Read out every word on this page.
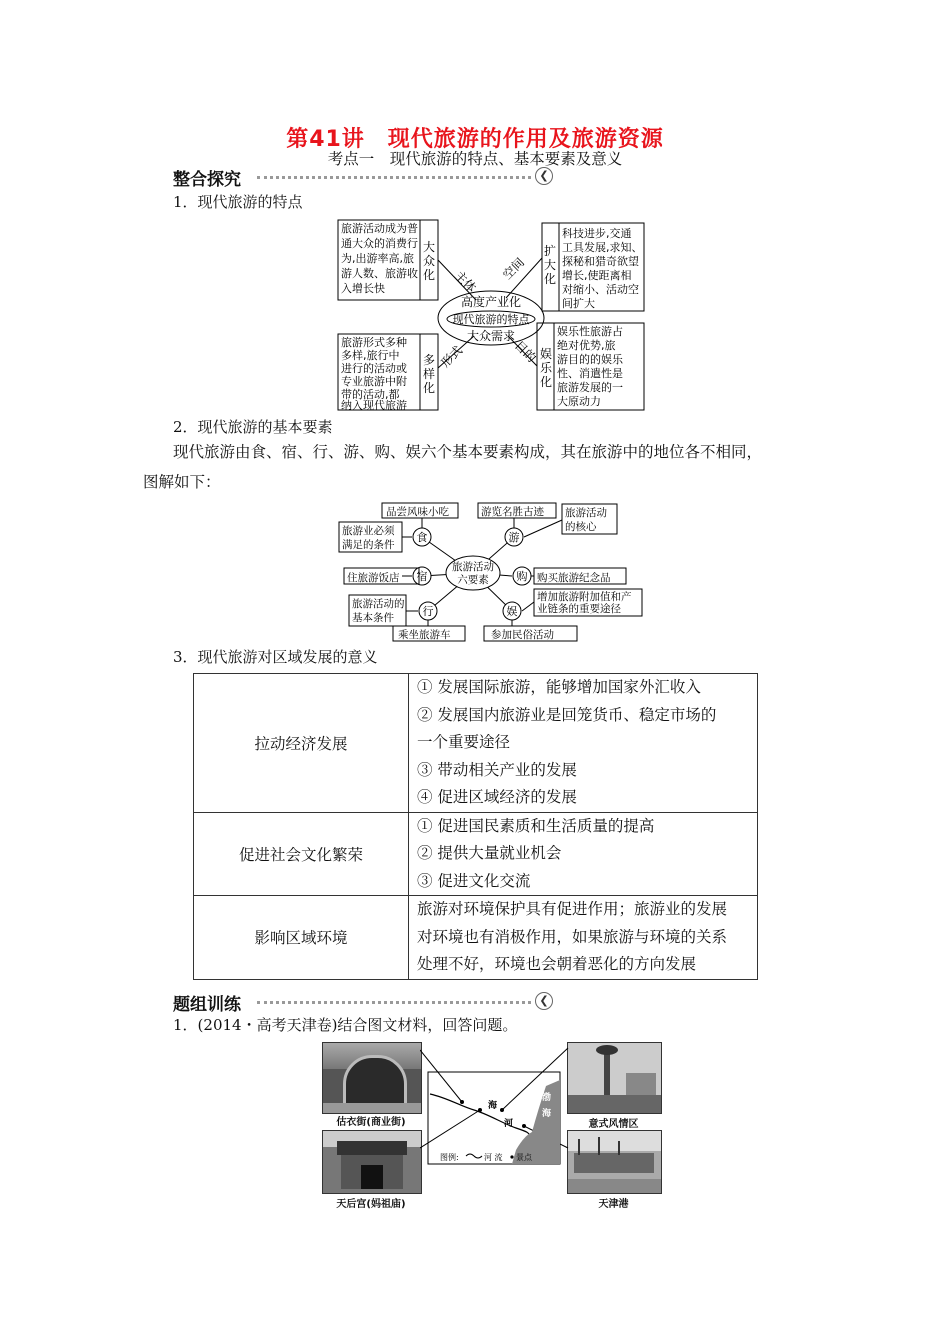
第41讲　现代旅游的作用及旅游资源
考点一　现代旅游的特点、基本要素及意义
整合探究	❮
1．现代旅游的特点
旅游活动成为普
通大众的消费行
为,出游率高,旅
游人数、旅游收
入增长快
大
众
化
科技进步,交通
工具发展,求知、
探秘和猎奇欲望
增长,使距离相
对缩小、活动空
间扩大
扩
大
化
旅游形式多种
多样,旅行中
进行的活动或
专业旅游中附
带的活动,都
纳入现代旅游
多
样
化
娱乐性旅游占
绝对优势,旅
游目的的娱乐
性、消遣性是
旅游发展的一
大原动力
娱
乐
化
高度产业化
现代旅游的特点
大众需求
主体 空间
形式	目的
2．现代旅游的基本要素
现代旅游由食、宿、行、游、购、娱六个基本要素构成，其在旅游中的地位各不相同，
图解如下：
旅游活动
六要素
食
宿
行
游
购
娱
品尝风味小吃
旅游业必须
满足的条件
住旅游饭店
旅游活动的
基本条件
乘坐旅游车
游览名胜古迹 旅游活动
的核心
购买旅游纪念品
增加旅游附加值和产
业链条的重要途径
参加民俗活动
3．现代旅游对区域发展的意义
拉动经济发展	① 发展国际旅游，能够增加国家外汇收入
② 发展国内旅游业是回笼货币、稳定市场的
一个重要途径
③ 带动相关产业的发展
④ 促进区域经济的发展

促进社会文化繁荣	① 促进国民素质和生活质量的提高
② 提供大量就业机会
③ 促进文化交流

影响区域环境	旅游对环境保护具有促进作用；旅游业的发展
对环境也有消极作用，如果旅游与环境的关系
处理不好，环境也会朝着恶化的方向发展
题组训练	❮
1．(2014・高考天津卷)结合图文材料，回答问题。
估衣街(商业街)
天后宫(妈祖庙)
意式风情区
天津港
海
河
渤
海
图例:	河 流 景点
